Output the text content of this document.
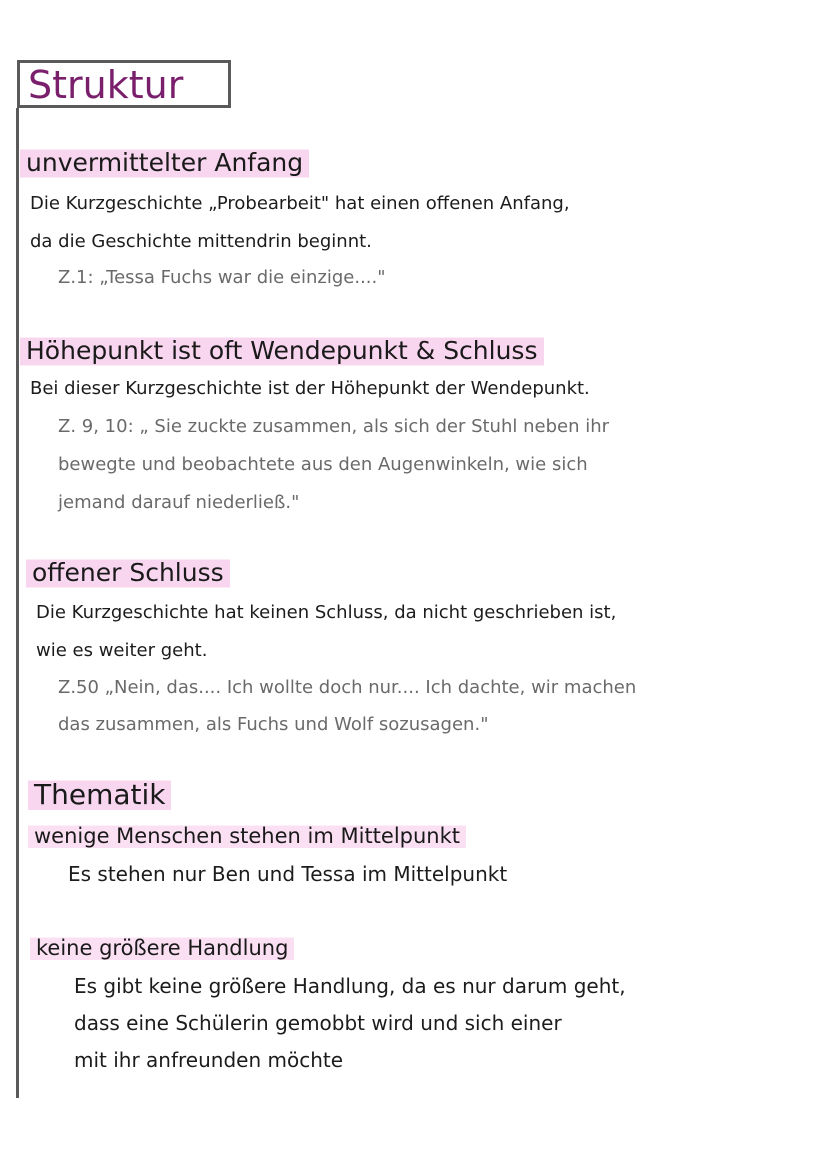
Struktur
unvermittelter Anfang
Die Kurzgeschichte „Probearbeit" hat einen offenen Anfang,
da die Geschichte mittendrin beginnt.
Z.1: „Tessa Fuchs war die einzige...."
Höhepunkt ist oft Wendepunkt & Schluss
Bei dieser Kurzgeschichte ist der Höhepunkt der Wendepunkt.
Z. 9, 10: „ Sie zuckte zusammen, als sich der Stuhl neben ihr
bewegte und beobachtete aus den Augenwinkeln, wie sich
jemand darauf niederließ."
offener Schluss
Die Kurzgeschichte hat keinen Schluss, da nicht geschrieben ist,
wie es weiter geht.
Z.50 „Nein, das.... Ich wollte doch nur.... Ich dachte, wir machen
das zusammen, als Fuchs und Wolf sozusagen."
Thematik
wenige Menschen stehen im Mittelpunkt
Es stehen nur Ben und Tessa im Mittelpunkt
keine größere Handlung
Es gibt keine größere Handlung, da es nur darum geht,
dass eine Schülerin gemobbt wird und sich einer
mit ihr anfreunden möchte
